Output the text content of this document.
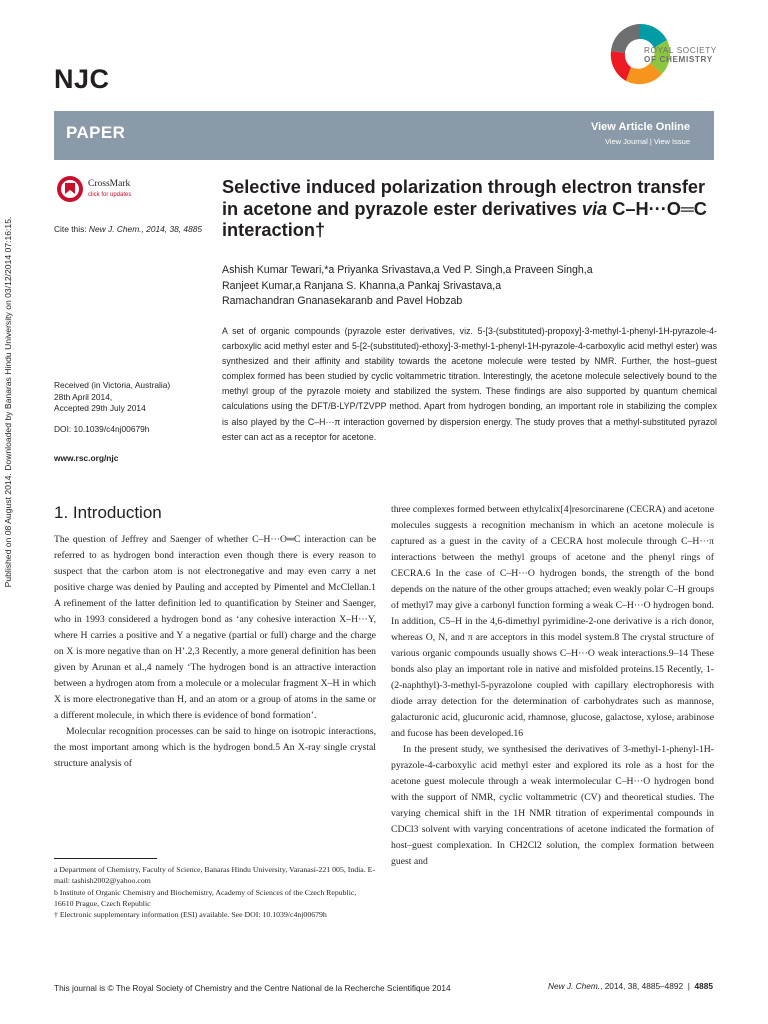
Published on 08 August 2014. Downloaded by Banaras Hindu University on 03/12/2014 07:16:15.
NJC
ROYAL SOCIETY
OF CHEMISTRY
PAPER	View Article Online
View Journal | View Issue
CrossMark
click for updates
Cite this: New J. Chem., 2014, 38, 4885
Received (in Victoria, Australia)
28th April 2014,
Accepted 29th July 2014
DOI: 10.1039/c4nj00679h
www.rsc.org/njc
Selective induced polarization through electron transfer in acetone and pyrazole ester derivatives via C–H···O═C interaction†
Ashish Kumar Tewari,*a Priyanka Srivastava,a Ved P. Singh,a Praveen Singh,a
Ranjeet Kumar,a Ranjana S. Khanna,a Pankaj Srivastava,a
Ramachandran Gnanasekaranb and Pavel Hobzab
A set of organic compounds (pyrazole ester derivatives, viz. 5-[3-(substituted)-propoxy]-3-methyl-1-phenyl-1H-pyrazole-4-carboxylic acid methyl ester and 5-[2-(substituted)-ethoxy]-3-methyl-1-phenyl-1H-pyrazole-4-carboxylic acid methyl ester) was synthesized and their affinity and stability towards the acetone molecule were tested by NMR. Further, the host–guest complex formed has been studied by cyclic voltammetric titration. Interestingly, the acetone molecule selectively bound to the methyl group of the pyrazole moiety and stabilized the system. These findings are also supported by quantum chemical calculations using the DFT/B-LYP/TZVPP method. Apart from hydrogen bonding, an important role in stabilizing the complex is also played by the C–H···π interaction governed by dispersion energy. The study proves that a methyl-substituted pyrazol ester can act as a receptor for acetone.
1. Introduction

The question of Jeffrey and Saenger of whether C–H···O═C interaction can be referred to as hydrogen bond interaction even though there is every reason to suspect that the carbon atom is not electronegative and may even carry a net positive charge was denied by Pauling and accepted by Pimentel and McClellan.1 A refinement of the latter definition led to quantification by Steiner and Saenger, who in 1993 considered a hydrogen bond as ‘any cohesive interaction X–H···Y, where H carries a positive and Y a negative (partial or full) charge and the charge on X is more negative than on H’.2,3 Recently, a more general definition has been given by Arunan et al.,4 namely ‘The hydrogen bond is an attractive interaction between a hydrogen atom from a molecule or a molecular fragment X–H in which X is more electronegative than H, and an atom or a group of atoms in the same or a different molecule, in which there is evidence of bond formation’.

Molecular recognition processes can be said to hinge on isotropic interactions, the most important among which is the hydrogen bond.5 An X-ray single crystal structure analysis of

three complexes formed between ethylcalix[4]resorcinarene (CECRA) and acetone molecules suggests a recognition mechanism in which an acetone molecule is captured as a guest in the cavity of a CECRA host molecule through C–H···π interactions between the methyl groups of acetone and the phenyl rings of CECRA.6 In the case of C–H···O hydrogen bonds, the strength of the bond depends on the nature of the other groups attached; even weakly polar C–H groups of methyl7 may give a carbonyl function forming a weak C–H···O hydrogen bond. In addition, C5–H in the 4,6-dimethyl pyrimidine-2-one derivative is a rich donor, whereas O, N, and π are acceptors in this model system.8 The crystal structure of various organic compounds usually shows C–H···O weak interactions.9–14 These bonds also play an important role in native and misfolded proteins.15 Recently, 1-(2-naphthyl)-3-methyl-5-pyrazolone coupled with capillary electrophoresis with diode array detection for the determination of carbohydrates such as mannose, galacturonic acid, glucuronic acid, rhamnose, glucose, galactose, xylose, arabinose and fucose has been developed.16

In the present study, we synthesised the derivatives of 3-methyl-1-phenyl-1H-pyrazole-4-carboxylic acid methyl ester and explored its role as a host for the acetone guest molecule through a weak intermolecular C–H···O hydrogen bond with the support of NMR, cyclic voltammetric (CV) and theoretical studies. The varying chemical shift in the 1H NMR titration of experimental compounds in CDCl3 solvent with varying concentrations of acetone indicated the formation of host–guest complexation. In CH2Cl2 solution, the complex formation between guest and

a Department of Chemistry, Faculty of Science, Banaras Hindu University, Varanasi-221 005, India. E-mail: tashish2002@yahoo.com

b Institute of Organic Chemistry and Biochemistry, Academy of Sciences of the Czech Republic, 16610 Prague, Czech Republic

† Electronic supplementary information (ESI) available. See DOI: 10.1039/c4nj00679h

This journal is © The Royal Society of Chemistry and the Centre National de la Recherche Scientifique 2014	New J. Chem., 2014, 38, 4885–4892 | 4885
